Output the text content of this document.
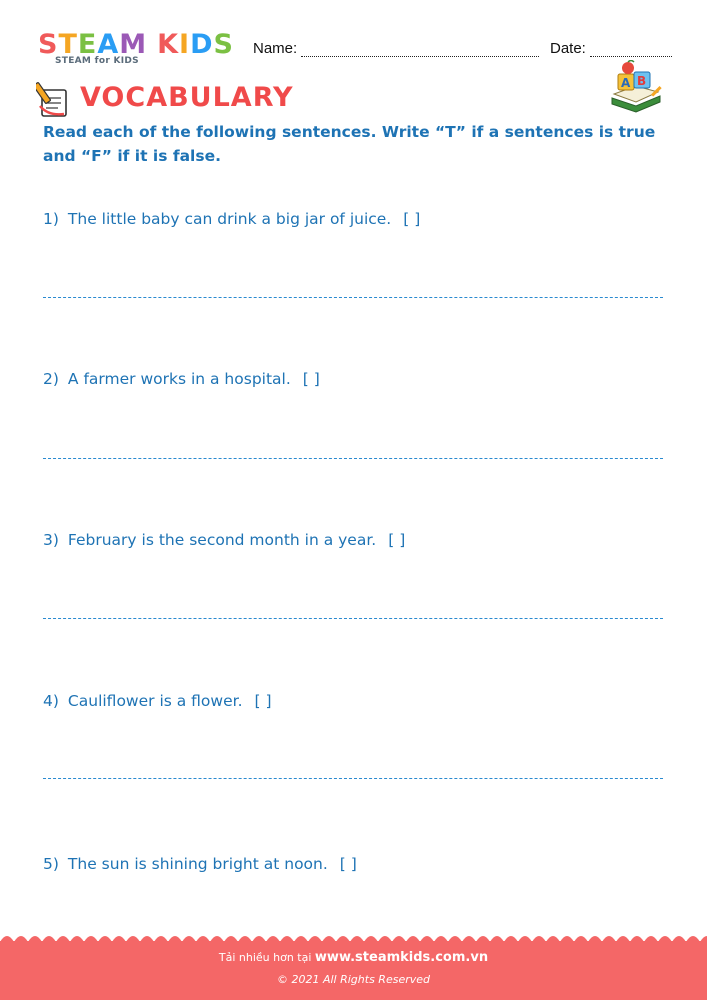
STEAM KIDS
STEAM for KIDS
Name:	Date:
VOCABULARY	A B
Read each of the following sentences. Write “T” if a sentences is true and “F” if it is false.
1) The little baby can drink a big jar of juice. [ ]
2) A farmer works in a hospital. [ ]
3) February is the second month in a year. [ ]
4) Cauliflower is a flower. [ ]
5) The sun is shining bright at noon. [ ]
Tải nhiều hơn tại www.steamkids.com.vn
© 2021 All Rights Reserved
